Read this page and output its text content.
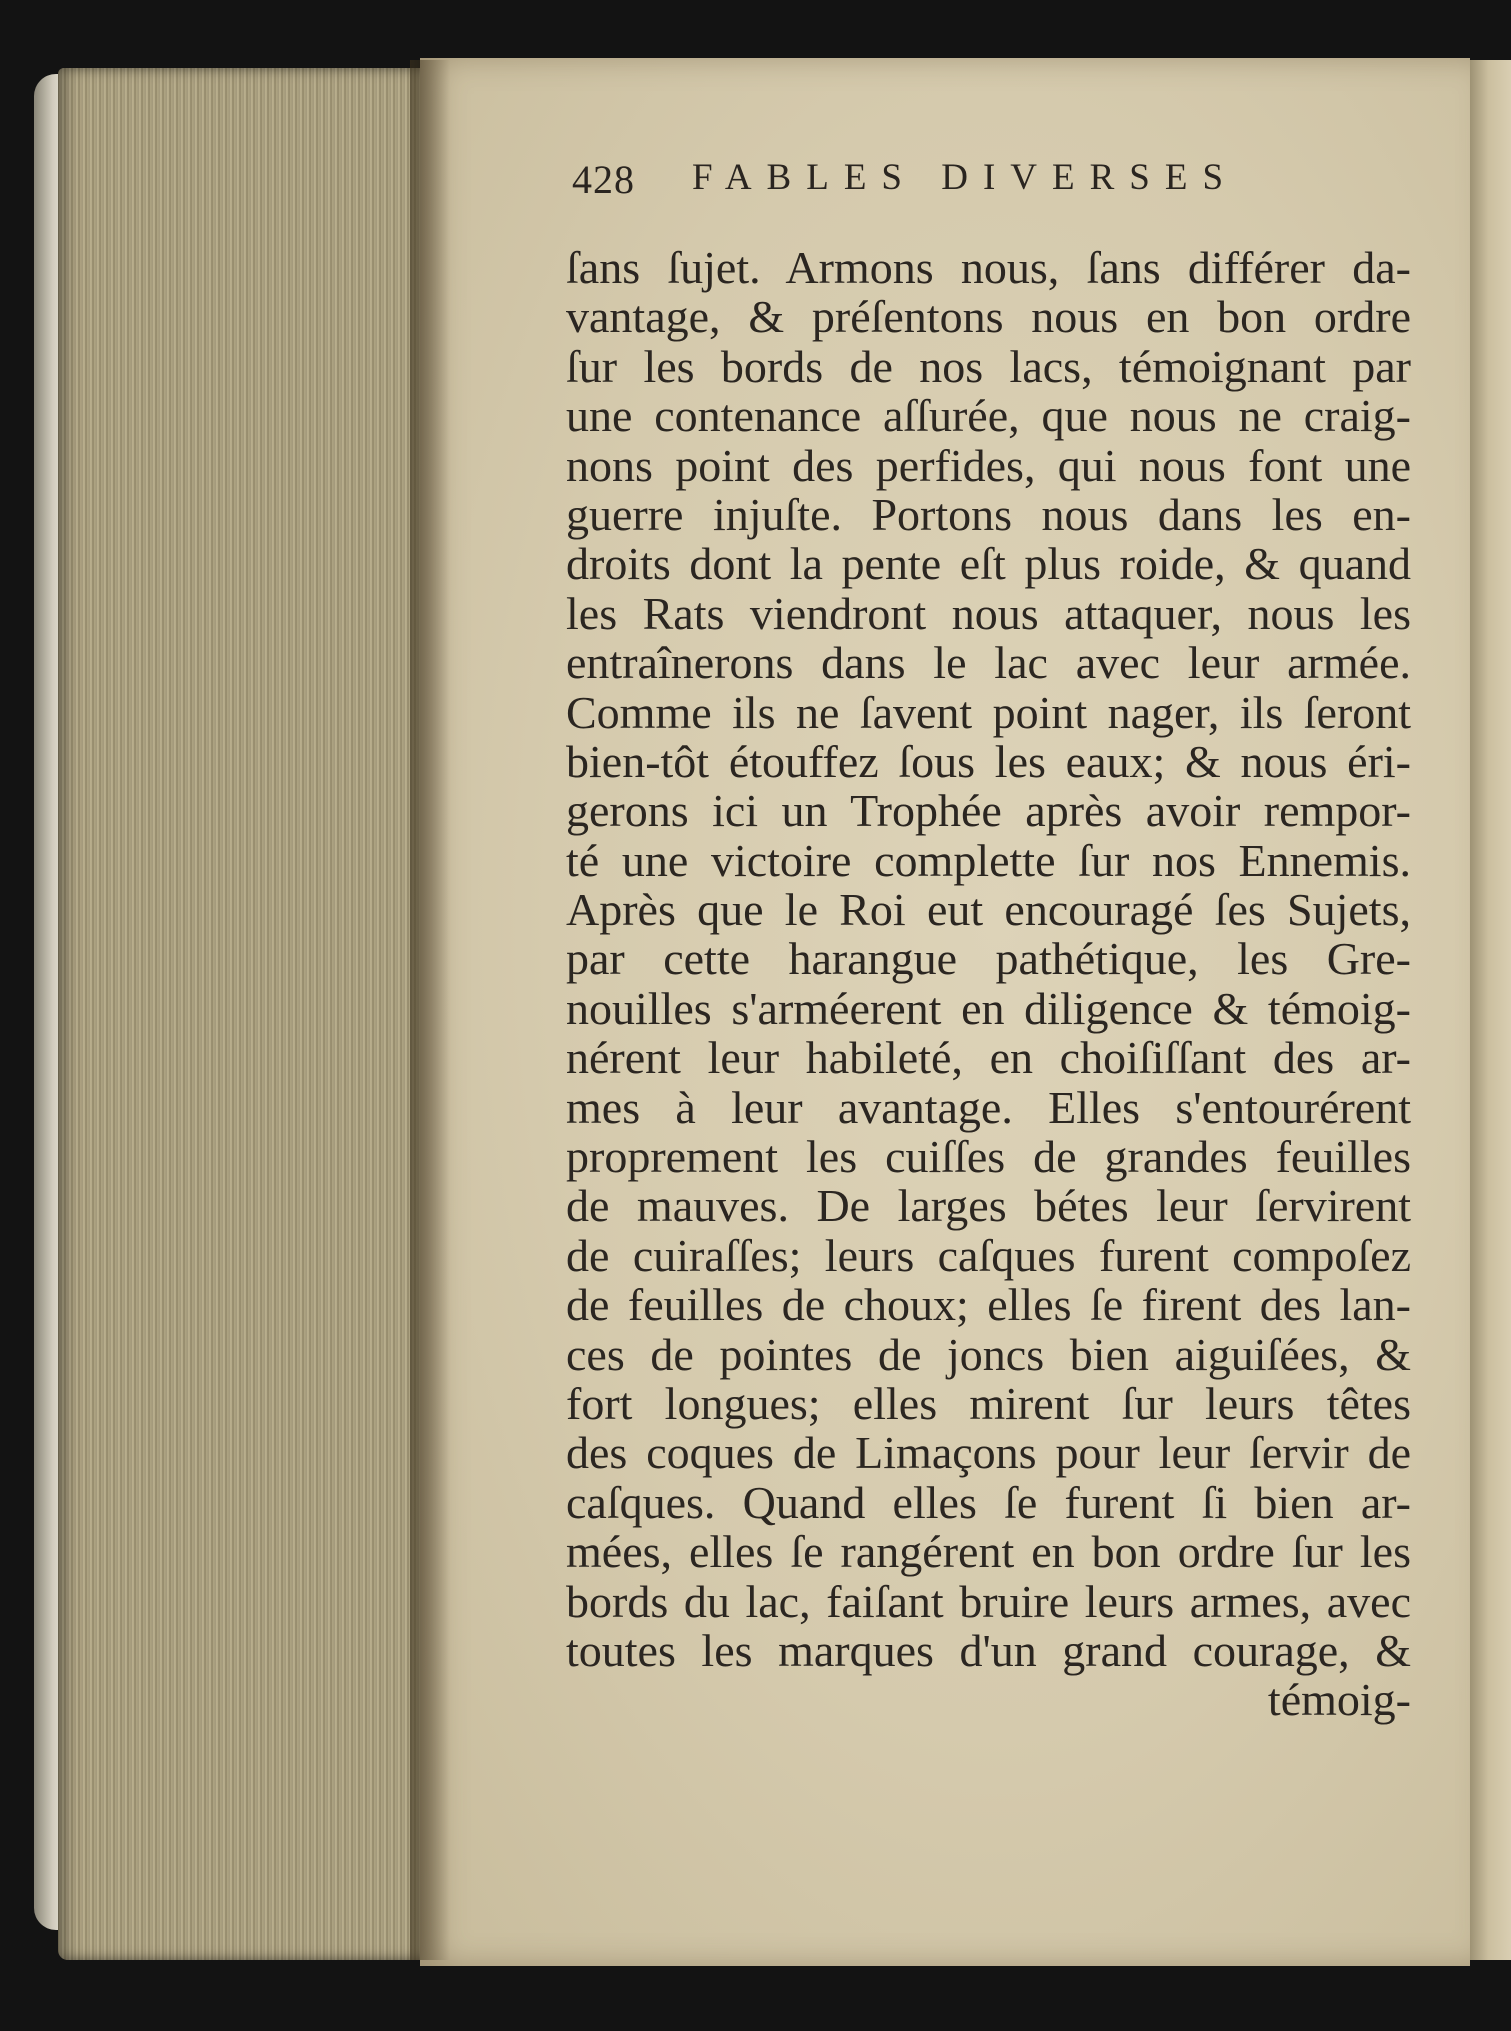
428 FABLES DIVERSES
ſans ſujet. Armons nous, ſans différer da-
vantage, & préſentons nous en bon ordre
ſur les bords de nos lacs, témoignant par
une contenance aſſurée, que nous ne craig-
nons point des perfides, qui nous font une
guerre injuſte. Portons nous dans les en-
droits dont la pente eſt plus roide, & quand
les Rats viendront nous attaquer, nous les
entraînerons dans le lac avec leur armée.
Comme ils ne ſavent point nager, ils ſeront
bien-tôt étouffez ſous les eaux; & nous éri-
gerons ici un Trophée après avoir rempor-
té une victoire complette ſur nos Ennemis.
Après que le Roi eut encouragé ſes Sujets,
par cette harangue pathétique, les Gre-
nouilles s'arméerent en diligence & témoig-
nérent leur habileté, en choiſiſſant des ar-
mes à leur avantage. Elles s'entourérent
proprement les cuiſſes de grandes feuilles
de mauves. De larges bétes leur ſervirent
de cuiraſſes; leurs caſques furent compoſez
de feuilles de choux; elles ſe firent des lan-
ces de pointes de joncs bien aiguiſées, &
fort longues; elles mirent ſur leurs têtes
des coques de Limaçons pour leur ſervir de
caſques. Quand elles ſe furent ſi bien ar-
mées, elles ſe rangérent en bon ordre ſur les
bords du lac, faiſant bruire leurs armes, avec
toutes les marques d'un grand courage, &
témoig-
